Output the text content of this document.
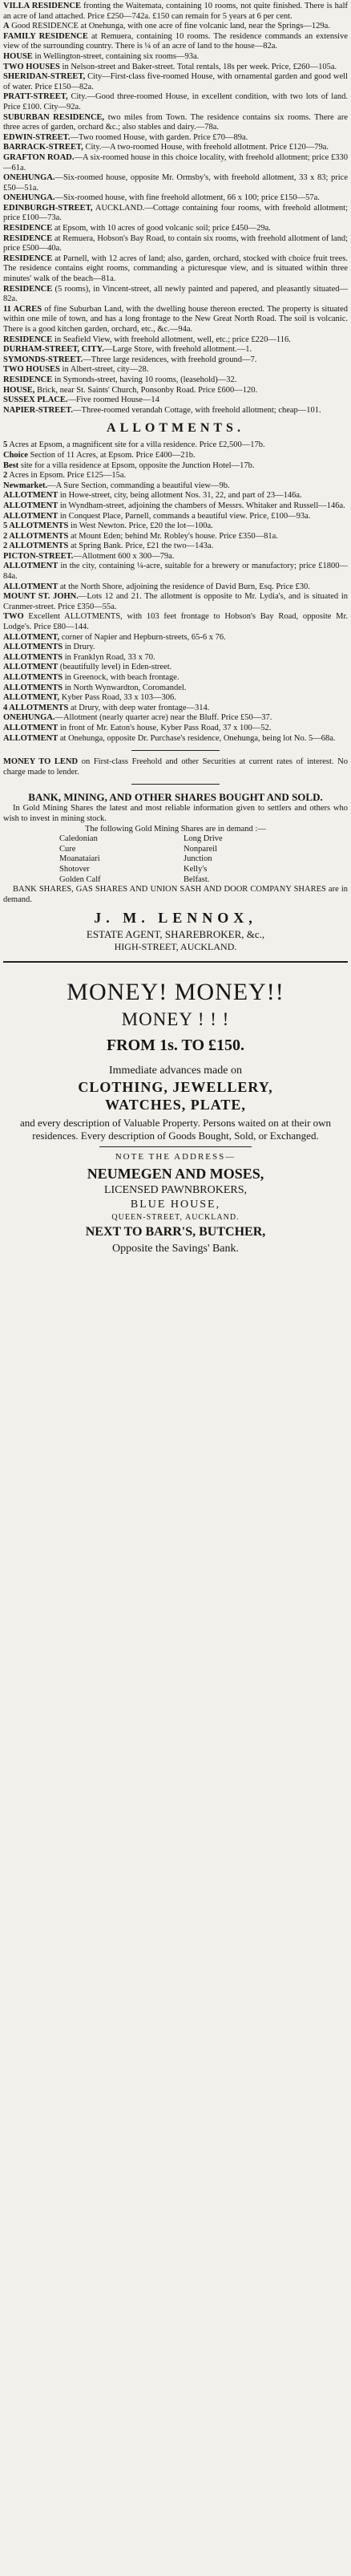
VILLA RESIDENCE fronting the Waitemata, containing 10 rooms, not quite finished. There is half an acre of land attached. Price £250—742a. £150 can remain for 5 years at 6 per cent.

A Good RESIDENCE at Onehunga, with one acre of fine volcanic land, near the Springs—129a.

FAMILY RESIDENCE at Remuera, containing 10 rooms. The residence commands an extensive view of the surrounding country. There is ¼ of an acre of land to the house—82a.

HOUSE in Wellington-street, containing six rooms—93a.

TWO HOUSES in Nelson-street and Baker-street. Total rentals, 18s per week. Price, £260—105a.

SHERIDAN-STREET, City—First-class five-roomed House, with ornamental garden and good well of water. Price £150—82a.

PRATT-STREET, City.—Good three-roomed House, in excellent condition, with two lots of land. Price £100. City—92a.

SUBURBAN RESIDENCE, two miles from Town. The residence contains six rooms. There are three acres of garden, orchard &c.; also stables and dairy.—78a.

EDWIN-STREET.—Two roomed House, with garden. Price £70—89a.

BARRACK-STREET, City.—A two-roomed House, with freehold allotment. Price £120—79a.

GRAFTON ROAD.—A six-roomed house in this choice locality, with freehold allotment; price £330—61a.

ONEHUNGA.—Six-roomed house, opposite Mr. Ormsby's, with freehold allotment, 33 x 83; price £50—51a.

ONEHUNGA.—Six-roomed house, with fine freehold allotment, 66 x 100; price £150—57a.

EDINBURGH-STREET, AUCKLAND.—Cottage containing four rooms, with freehold allotment; price £100—73a.

RESIDENCE at Epsom, with 10 acres of good volcanic soil; price £450—29a.

RESIDENCE at Remuera, Hobson's Bay Road, to contain six rooms, with freehold allotment of land; price £500—40a.

RESIDENCE at Parnell, with 12 acres of land; also, garden, orchard, stocked with choice fruit trees. The residence contains eight rooms, commanding a picturesque view, and is situated within three minutes' walk of the beach—81a.

RESIDENCE (5 rooms), in Vincent-street, all newly painted and papered, and pleasantly situated—82a.

11 ACRES of fine Suburban Land, with the dwelling house thereon erected. The property is situated within one mile of town, and has a long frontage to the New Great North Road. The soil is volcanic. There is a good kitchen garden, orchard, etc., &c.—94a.

RESIDENCE in Seafield View, with freehold allotment, well, etc.; price £220—116.

DURHAM-STREET, CITY.—Large Store, with freehold allotment.—1.

SYMONDS-STREET.—Three large residences, with freehold ground—7.

TWO HOUSES in Albert-street, city—28.

RESIDENCE in Symonds-street, having 10 rooms, (leasehold)—32.

HOUSE, Brick, near St. Saints' Church, Ponsonby Road. Price £600—120.

SUSSEX PLACE.—Five roomed House—14

NAPIER-STREET.—Three-roomed verandah Cottage, with freehold allotment; cheap—101.

ALLOTMENTS.

5 Acres at Epsom, a magnificent site for a villa residence. Price £2,500—17b.

Choice Section of 11 Acres, at Epsom. Price £400—21b.

Best site for a villa residence at Epsom, opposite the Junction Hotel—17b.

2 Acres in Epsom. Price £125—15a.

Newmarket.—A Sure Section, commanding a beautiful view—9b.

ALLOTMENT in Howe-street, city, being allotment Nos. 31, 22, and part of 23—146a.

ALLOTMENT in Wyndham-street, adjoining the chambers of Messrs. Whitaker and Russell—146a.

ALLOTMENT in Conquest Place, Parnell, commands a beautiful view. Price, £100—93a.

5 ALLOTMENTS in West Newton. Price, £20 the lot—100a.

2 ALLOTMENTS at Mount Eden; behind Mr. Robley's house. Price £350—81a.

2 ALLOTMENTS at Spring Bank. Price, £21 the two—143a.

PICTON-STREET.—Allotment 600 x 300—79a.

ALLOTMENT in the city, containing ¼-acre, suitable for a brewery or manufactory; price £1800—84a.

ALLOTMENT at the North Shore, adjoining the residence of David Burn, Esq. Price £30.

MOUNT ST. JOHN.—Lots 12 and 21. The allotment is opposite to Mr. Lydia's, and is situated in Cranmer-street. Price £350—55a.

TWO Excellent ALLOTMENTS, with 103 feet frontage to Hobson's Bay Road, opposite Mr. Lodge's. Price £80—144.

ALLOTMENT, corner of Napier and Hepburn-streets, 65-6 x 76.

ALLOTMENTS in Drury.

ALLOTMENTS in Franklyn Road, 33 x 70.

ALLOTMENT (beautifully level) in Eden-street.

ALLOTMENTS in Greenock, with beach frontage.

ALLOTMENTS in North Wynwardton, Coromandel.

ALLOTMENT, Kyber Pass Road, 33 x 103—306.

4 ALLOTMENTS at Drury, with deep water frontage—314.

ONEHUNGA.—Allotment (nearly quarter acre) near the Bluff. Price £50—37.

ALLOTMENT in front of Mr. Eaton's house, Kyber Pass Road, 37 x 100—52.

ALLOTMENT at Onehunga, opposite Dr. Purchase's residence, Onehunga, being lot No. 5—68a.

MONEY TO LEND on First-class Freehold and other Securities at current rates of interest. No charge made to lender.

BANK, MINING, AND OTHER SHARES BOUGHT AND SOLD.

In Gold Mining Shares the latest and most reliable information given to settlers and others who wish to invest in mining stock.

The following Gold Mining Shares are in demand :—

Caledonian	Long Drive
Cure	Nonpareil
Moanataiari	Junction
Shotover	Kelly's
Golden Calf	Belfast.

BANK SHARES, GAS SHARES AND UNION SASH AND DOOR COMPANY SHARES are in demand.

J. M. LENNOX,

ESTATE AGENT, SHAREBROKER, &c.,

HIGH-STREET, AUCKLAND.

MONEY! MONEY!!

MONEY ! ! !

FROM 1s. TO £150.

Immediate advances made on

CLOTHING, JEWELLERY,

WATCHES, PLATE,

and every description of Valuable Property. Persons waited on at their own residences. Every description of Goods Bought, Sold, or Exchanged.

NOTE THE ADDRESS—

NEUMEGEN AND MOSES,

LICENSED PAWNBROKERS,

BLUE HOUSE,

QUEEN-STREET, AUCKLAND.

NEXT TO BARR'S, BUTCHER,

Opposite the Savings' Bank.
